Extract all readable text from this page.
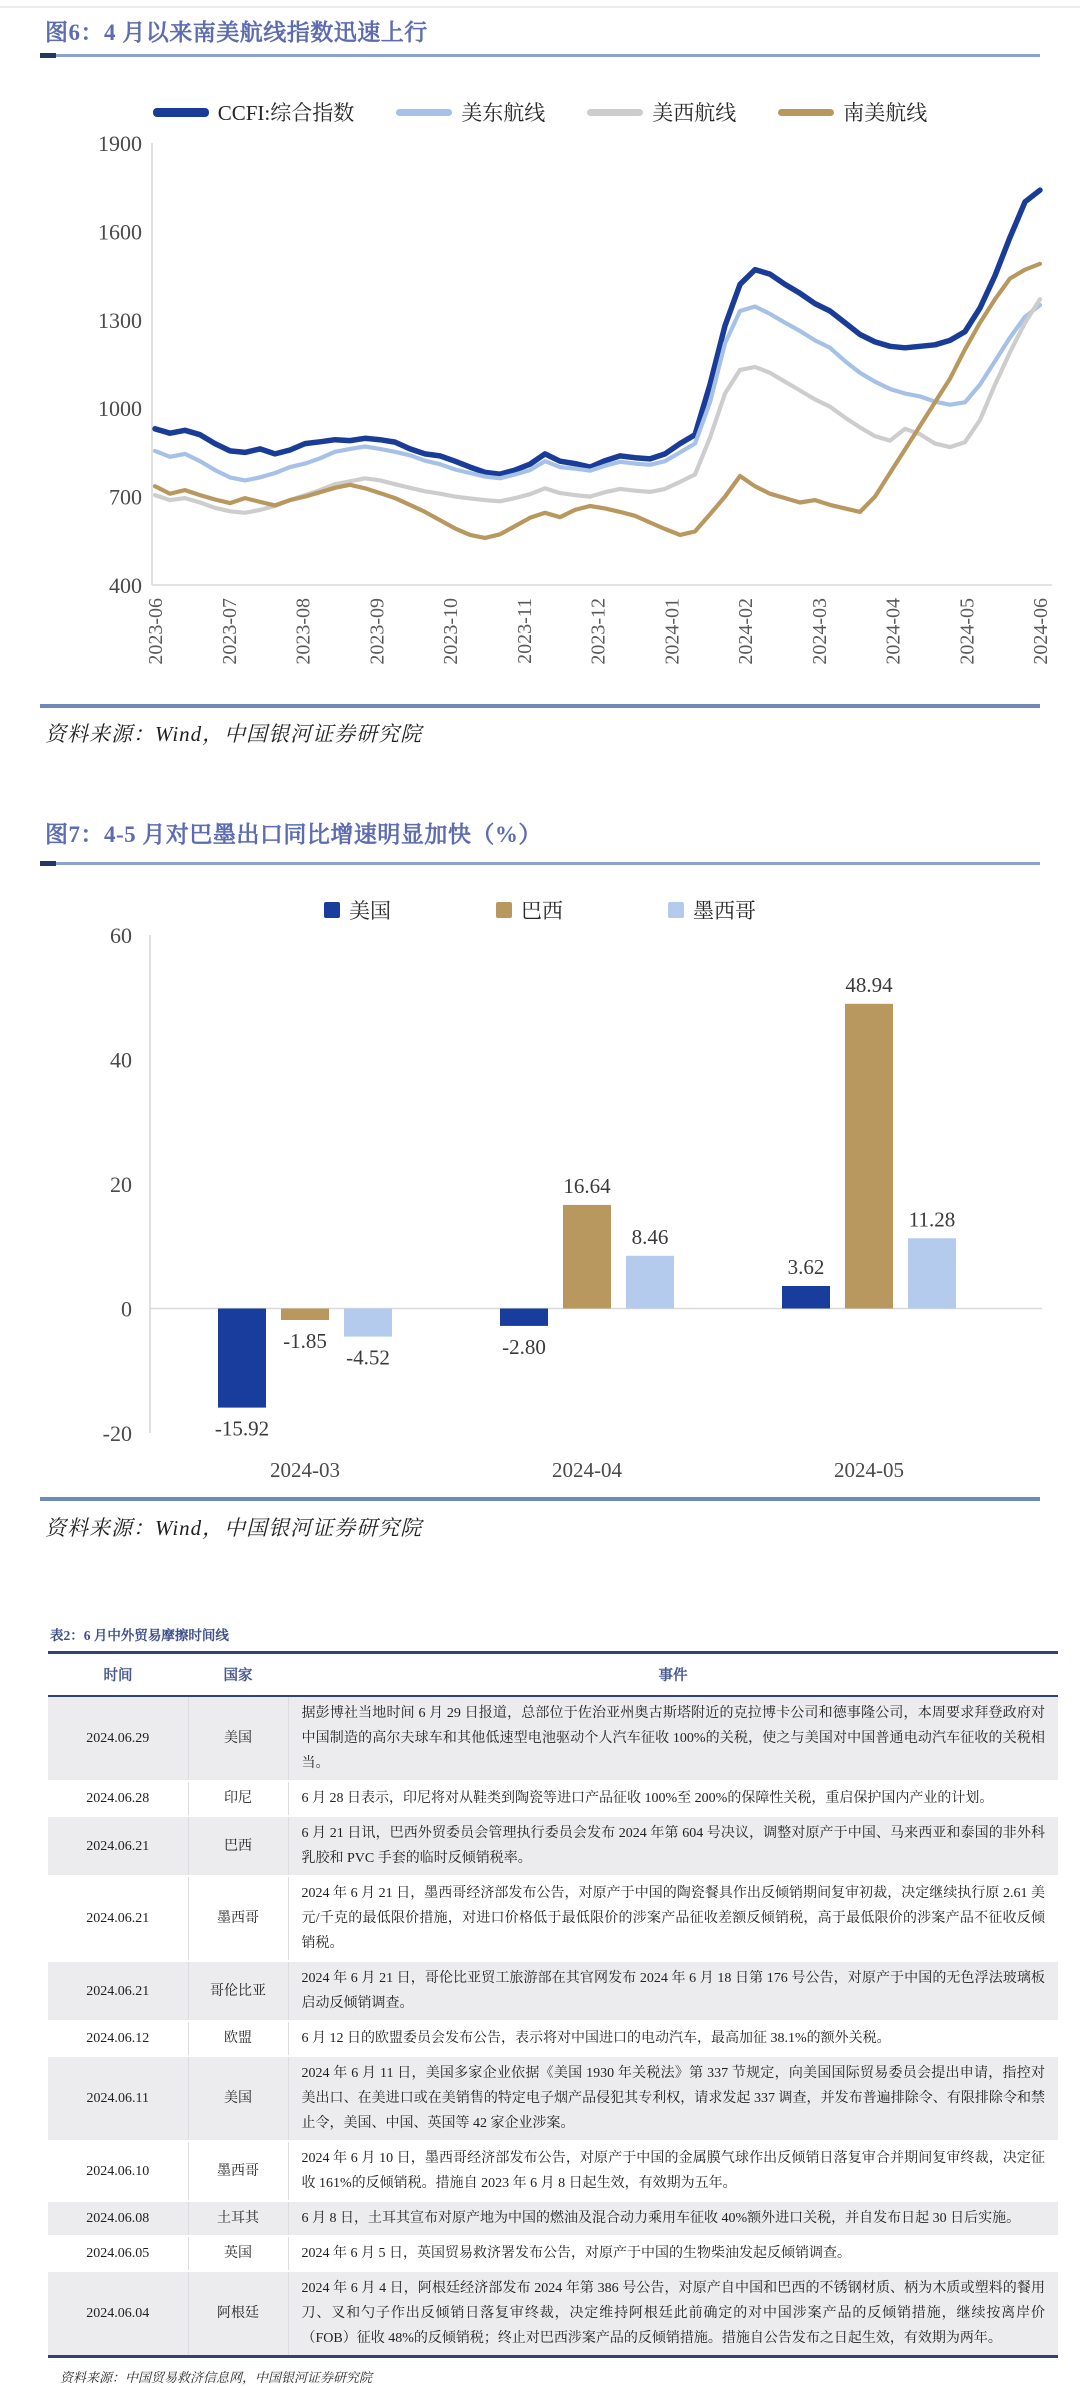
图6：4 月以来南美航线指数迅速上行
CCFI:综合指数	美东航线	美西航线	南美航线
1900
1600
1300
1000
700
400
2023-06	2023-07	2023-08	2023-09	2023-10	2023-11	2023-12	2024-01	2024-02	2024-03	2024-04	2024-05	2024-06
资料来源：Wind，中国银河证券研究院
图7：4-5 月对巴墨出口同比增速明显加快（%）
美国	巴西	墨西哥
60
40
20
0
-20
2024-03
-15.92
-1.85
-4.52
2024-04
-2.80
16.64
8.46
2024-05
3.62
48.94
11.28
资料来源：Wind，中国银河证券研究院
表2：6 月中外贸易摩擦时间线
时间	国家	事件
2024.06.29	美国	据彭博社当地时间 6 月 29 日报道，总部位于佐治亚州奥古斯塔附近的克拉博卡公司和德事隆公司，本周要求拜登政府对中国制造的高尔夫球车和其他低速型电池驱动个人汽车征收 100%的关税，使之与美国对中国普通电动汽车征收的关税相当。
2024.06.28	印尼	6 月 28 日表示，印尼将对从鞋类到陶瓷等进口产品征收 100%至 200%的保障性关税，重启保护国内产业的计划。
2024.06.21	巴西	6 月 21 日讯，巴西外贸委员会管理执行委员会发布 2024 年第 604 号决议，调整对原产于中国、马来西亚和泰国的非外科乳胶和 PVC 手套的临时反倾销税率。
2024.06.21	墨西哥	2024 年 6 月 21 日，墨西哥经济部发布公告，对原产于中国的陶瓷餐具作出反倾销期间复审初裁，决定继续执行原 2.61 美元/千克的最低限价措施，对进口价格低于最低限价的涉案产品征收差额反倾销税，高于最低限价的涉案产品不征收反倾销税。
2024.06.21	哥伦比亚	2024 年 6 月 21 日，哥伦比亚贸工旅游部在其官网发布 2024 年 6 月 18 日第 176 号公告，对原产于中国的无色浮法玻璃板启动反倾销调查。
2024.06.12	欧盟	6 月 12 日的欧盟委员会发布公告，表示将对中国进口的电动汽车，最高加征 38.1%的额外关税。
2024.06.11	美国	2024 年 6 月 11 日，美国多家企业依据《美国 1930 年关税法》第 337 节规定，向美国国际贸易委员会提出申请，指控对美出口、在美进口或在美销售的特定电子烟产品侵犯其专利权，请求发起 337 调查，并发布普遍排除令、有限排除令和禁止令，美国、中国、英国等 42 家企业涉案。
2024.06.10	墨西哥	2024 年 6 月 10 日，墨西哥经济部发布公告，对原产于中国的金属膜气球作出反倾销日落复审合并期间复审终裁，决定征收 161%的反倾销税。措施自 2023 年 6 月 8 日起生效，有效期为五年。
2024.06.08	土耳其	6 月 8 日，土耳其宣布对原产地为中国的燃油及混合动力乘用车征收 40%额外进口关税，并自发布日起 30 日后实施。
2024.06.05	英国	2024 年 6 月 5 日，英国贸易救济署发布公告，对原产于中国的生物柴油发起反倾销调查。
2024.06.04	阿根廷	2024 年 6 月 4 日，阿根廷经济部发布 2024 年第 386 号公告，对原产自中国和巴西的不锈钢材质、柄为木质或塑料的餐用刀、叉和勺子作出反倾销日落复审终裁，决定维持阿根廷此前确定的对中国涉案产品的反倾销措施，继续按离岸价（FOB）征收 48%的反倾销税；终止对巴西涉案产品的反倾销措施。措施自公告发布之日起生效，有效期为两年。
资料来源：中国贸易救济信息网，中国银河证券研究院
